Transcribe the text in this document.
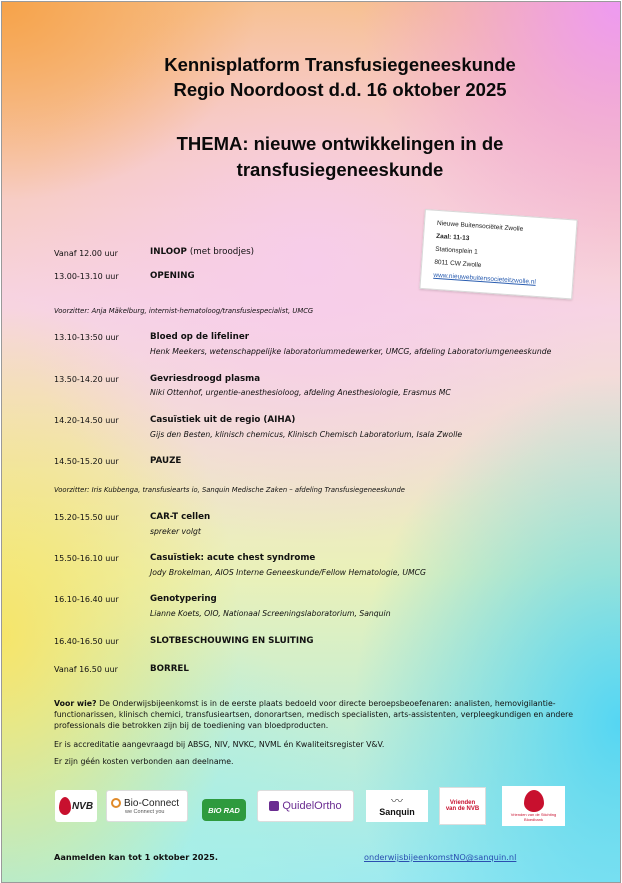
Kennisplatform Transfusiegeneeskunde
Regio Noordoost d.d. 16 oktober 2025
THEMA: nieuwe ontwikkelingen in de
transfusiegeneeskunde
Nieuwe Buitensociëteit Zwolle
Zaal: 11-13
Stationsplein 1
8011 CW Zwolle
www.nieuwebuitensocieteitzwolle.nl
Vanaf 12.00 uur	INLOOP (met broodjes)
13.00-13.10 uur	OPENING
Voorzitter: Anja Mäkelburg, internist-hematoloog/transfusiespecialist, UMCG
13.10-13:50 uur	Bloed op de lifeliner
Henk Meekers, wetenschappelijke laboratoriummedewerker, UMCG, afdeling Laboratoriumgeneeskunde
13.50-14.20 uur	Gevriesdroogd plasma
Niki Ottenhof, urgentie-anesthesioloog, afdeling Anesthesiologie, Erasmus MC
14.20-14.50 uur	Casuïstiek uit de regio (AIHA)
Gijs den Besten, klinisch chemicus, Klinisch Chemisch Laboratorium, Isala Zwolle
14.50-15.20 uur	PAUZE
Voorzitter: Iris Kubbenga, transfusiearts io, Sanquin Medische Zaken – afdeling Transfusiegeneeskunde
15.20-15.50 uur	CAR-T cellen
spreker volgt
15.50-16.10 uur	Casuïstiek: acute chest syndrome
Jody Brokelman, AIOS Interne Geneeskunde/Fellow Hematologie, UMCG
16.10-16.40 uur	Genotypering
Lianne Koets, OIO, Nationaal Screeningslaboratorium, Sanquin
16.40-16.50 uur	SLOTBESCHOUWING EN SLUITING
Vanaf 16.50 uur	BORREL
Voor wie? De Onderwijsbijeenkomst is in de eerste plaats bedoeld voor directe beroepsbeoefenaren: analisten, hemovigilantie-functionarissen, klinisch chemici, transfusieartsen, donorartsen, medisch specialisten, arts-assistenten, verpleegkundigen en andere professionals die betrokken zijn bij de toediening van bloedproducten.
Er is accreditatie aangevraagd bij ABSG, NIV, NVKC, NVML én Kwaliteitsregister V&V.
Er zijn géén kosten verbonden aan deelname.
NVB	Bio-Connect
we Connect you	BIO RAD	QuidelOrtho	〰
Sanquin
Vrienden
van de NVB
Vrienden van de Stichting Bloedbank
Aanmelden kan tot 1 oktober 2025.	onderwijsbijeenkomstNO@sanquin.nl
